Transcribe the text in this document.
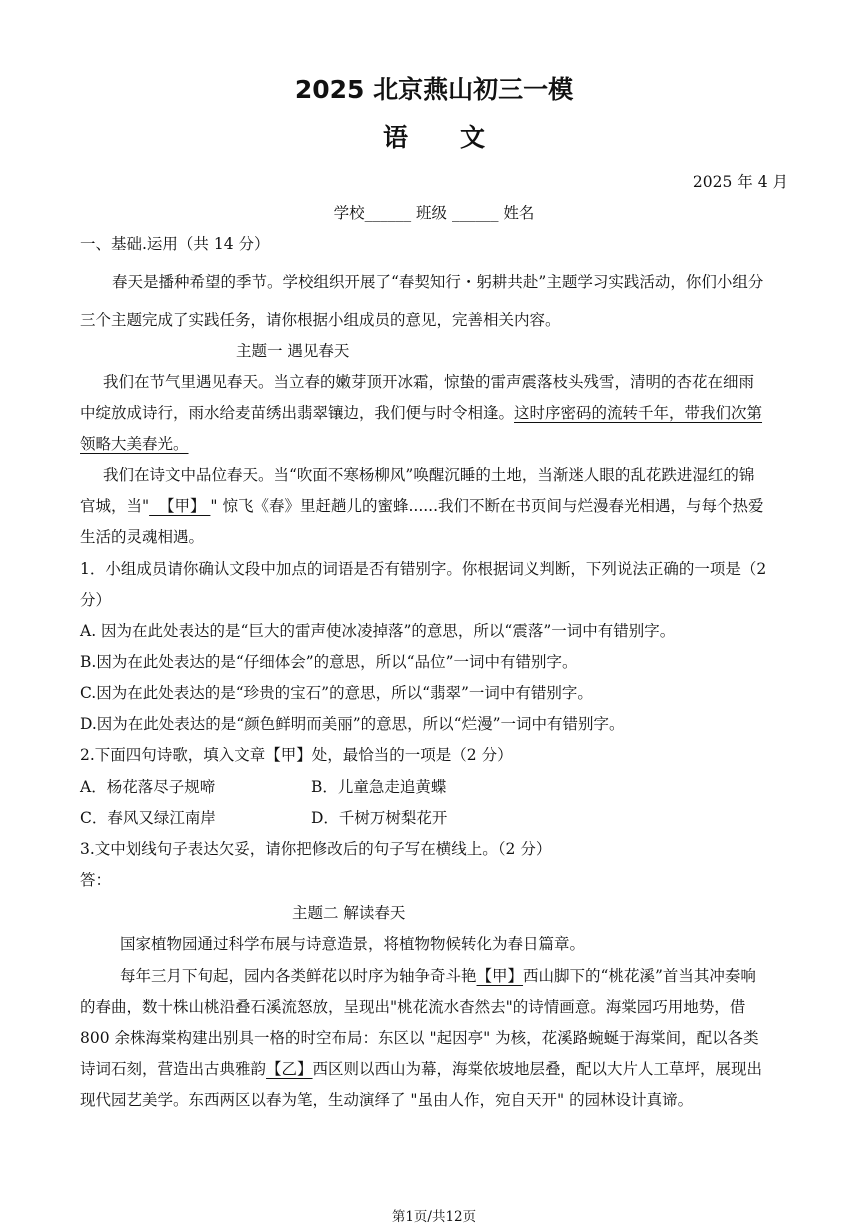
2025 北京燕山初三一模
语文
2025 年 4 月
学校______ 班级 ______ 姓名
一、基础.运用（共 14 分）
春天是播种希望的季节。学校组织开展了“春契知行・躬耕共赴”主题学习实践活动，你们小组分
三个主题完成了实践任务，请你根据小组成员的意见，完善相关内容。
主题一 遇见春天
我们在节气里遇见春天。当立春的嫩芽顶开冰霜，惊蛰的雷声震落枝头残雪，清明的杏花在细雨
中绽放成诗行，雨水给麦苗绣出翡翠镶边，我们便与时令相逢。这时序密码的流转千年，带我们次第
领略大美春光。
我们在诗文中品位春天。当“吹面不寒杨柳风”唤醒沉睡的土地，当渐迷人眼的乱花跌进湿红的锦
官城，当"  【甲】 " 惊飞《春》里赶趟儿的蜜蜂......我们不断在书页间与烂漫春光相遇，与每个热爱
生活的灵魂相遇。
1．小组成员请你确认文段中加点的词语是否有错别字。你根据词义判断，下列说法正确的一项是（2
分）
A. 因为在此处表达的是“巨大的雷声使冰凌掉落”的意思，所以“震落”一词中有错别字。
B.因为在此处表达的是“仔细体会”的意思，所以“品位”一词中有错别字。
C.因为在此处表达的是“珍贵的宝石”的意思，所以“翡翠”一词中有错别字。
D.因为在此处表达的是“颜色鲜明而美丽”的意思，所以“烂漫”一词中有错别字。
2.下面四句诗歌，填入文章【甲】处，最恰当的一项是（2 分）
A．杨花落尽子规啼	B．儿童急走追黄蝶
C．春风又绿江南岸	D．千树万树梨花开
3.文中划线句子表达欠妥，请你把修改后的句子写在横线上。（2 分）
答：
主题二 解读春天
国家植物园通过科学布展与诗意造景，将植物物候转化为春日篇章。
每年三月下旬起，园内各类鲜花以时序为轴争奇斗艳【甲】西山脚下的“桃花溪”首当其冲奏响
的春曲，数十株山桃沿叠石溪流怒放，呈现出"桃花流水杳然去"的诗情画意。海棠园巧用地势，借
800 余株海棠构建出别具一格的时空布局：东区以 "起因亭" 为核，花溪路蜿蜒于海棠间，配以各类
诗词石刻，营造出古典雅韵【乙】西区则以西山为幕，海棠依坡地层叠，配以大片人工草坪，展现出
现代园艺美学。东西两区以春为笔，生动演绎了 "虽由人作，宛自天开" 的园林设计真谛。
第1页/共12页
